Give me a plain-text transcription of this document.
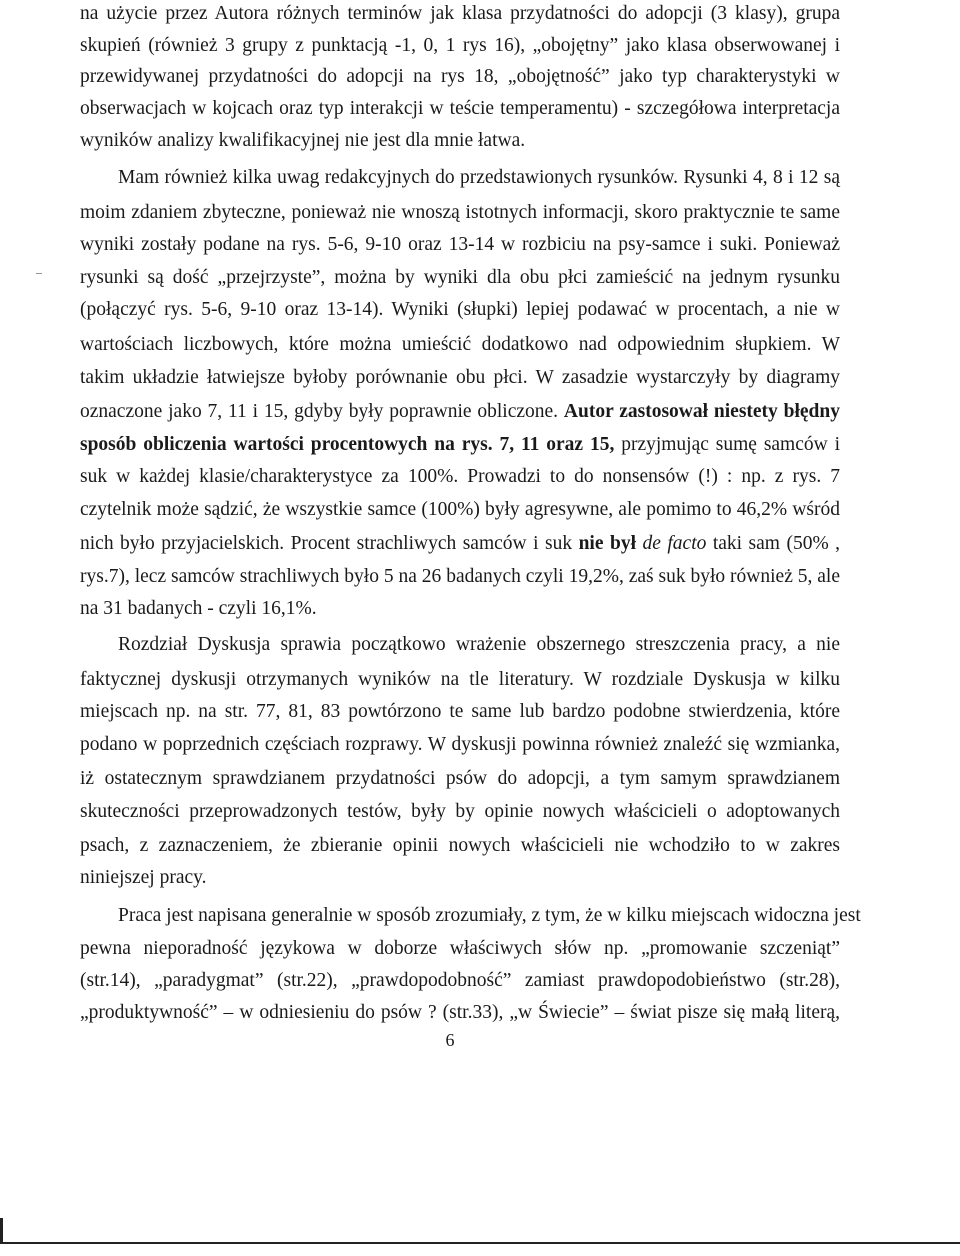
na użycie przez Autora różnych terminów jak klasa przydatności do adopcji (3 klasy), grupa
skupień (również 3 grupy z punktacją -1, 0, 1 rys 16), „obojętny” jako klasa obserwowanej i
przewidywanej przydatności do adopcji na rys 18, „obojętność” jako typ charakterystyki w
obserwacjach w kojcach oraz typ interakcji w teście temperamentu) - szczegółowa interpretacja
wyników analizy kwalifikacyjnej nie jest dla mnie łatwa.
Mam również kilka uwag redakcyjnych do przedstawionych rysunków. Rysunki 4, 8 i 12 są
moim zdaniem zbyteczne, ponieważ nie wnoszą istotnych informacji, skoro praktycznie te same
wyniki zostały podane na rys. 5-6, 9-10 oraz 13-14 w rozbiciu na psy-samce i suki. Ponieważ
rysunki są dość „przejrzyste”, można by wyniki dla obu płci zamieścić na jednym rysunku
(połączyć rys. 5-6, 9-10 oraz 13-14). Wyniki (słupki) lepiej podawać w procentach, a nie w
wartościach liczbowych, które można umieścić dodatkowo nad odpowiednim słupkiem. W
takim układzie łatwiejsze byłoby porównanie obu płci. W zasadzie wystarczyły by diagramy
oznaczone jako 7, 11 i 15, gdyby były poprawnie obliczone. Autor zastosował niestety błędny
sposób obliczenia wartości procentowych na rys. 7, 11 oraz 15, przyjmując sumę samców i
suk w każdej klasie/charakterystyce za 100%. Prowadzi to do nonsensów (!) : np. z rys. 7
czytelnik może sądzić, że wszystkie samce (100%) były agresywne, ale pomimo to 46,2% wśród
nich było przyjacielskich. Procent strachliwych samców i suk nie był de facto taki sam (50% ,
rys.7), lecz samców strachliwych było 5 na 26 badanych czyli 19,2%, zaś suk było również 5, ale
na 31 badanych - czyli 16,1%.
Rozdział Dyskusja sprawia początkowo wrażenie obszernego streszczenia pracy, a nie
faktycznej dyskusji otrzymanych wyników na tle literatury. W rozdziale Dyskusja w kilku
miejscach np. na str. 77, 81, 83 powtórzono te same lub bardzo podobne stwierdzenia, które
podano w poprzednich częściach rozprawy. W dyskusji powinna również znaleźć się wzmianka,
iż ostatecznym sprawdzianem przydatności psów do adopcji, a tym samym sprawdzianem
skuteczności przeprowadzonych testów, były by opinie nowych właścicieli o adoptowanych
psach, z zaznaczeniem, że zbieranie opinii nowych właścicieli nie wchodziło to w zakres
niniejszej pracy.
Praca jest napisana generalnie w sposób zrozumiały, z tym, że w kilku miejscach widoczna jest
pewna nieporadność językowa w doborze właściwych słów np. „promowanie szczeniąt”
(str.14), „paradygmat” (str.22), „prawdopodobność” zamiast prawdopodobieństwo (str.28),
„produktywność” – w odniesieniu do psów ? (str.33), „w Świecie” – świat pisze się małą literą,
6
